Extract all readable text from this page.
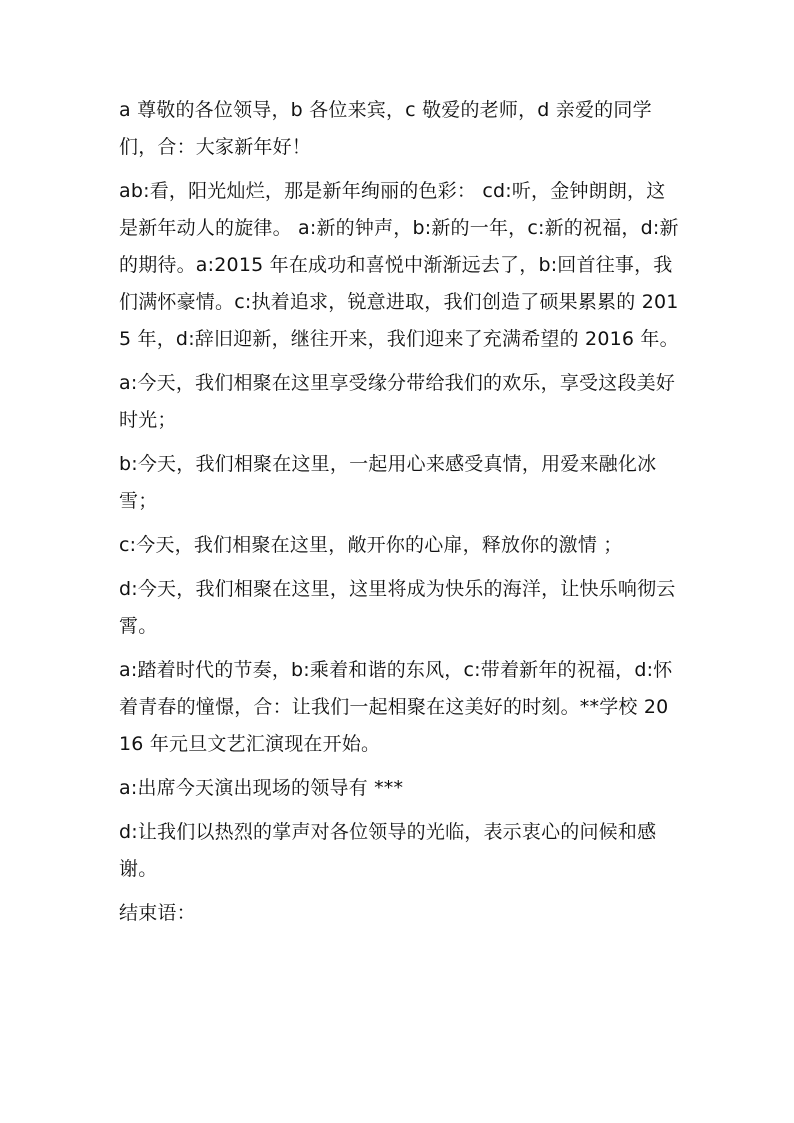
a 尊敬的各位领导，b 各位来宾，c 敬爱的老师，d 亲爱的同学们，合：大家新年好！

ab:看，阳光灿烂，那是新年绚丽的色彩： cd:听，金钟朗朗，这是新年动人的旋律。 a:新的钟声，b:新的一年，c:新的祝福，d:新的期待。a:2015 年在成功和喜悦中渐渐远去了，b:回首往事，我们满怀豪情。c:执着追求，锐意进取，我们创造了硕果累累的 2015 年，d:辞旧迎新，继往开来，我们迎来了充满希望的 2016 年。

a:今天，我们相聚在这里享受缘分带给我们的欢乐，享受这段美好时光；

b:今天，我们相聚在这里，一起用心来感受真情，用爱来融化冰雪；

c:今天，我们相聚在这里，敞开你的心扉，释放你的激情 ；

d:今天，我们相聚在这里，这里将成为快乐的海洋，让快乐响彻云霄。

a:踏着时代的节奏，b:乘着和谐的东风，c:带着新年的祝福，d:怀着青春的憧憬，合：让我们一起相聚在这美好的时刻。**学校 2016 年元旦文艺汇演现在开始。

a:出席今天演出现场的领导有 ***

d:让我们以热烈的掌声对各位领导的光临，表示衷心的问候和感谢。

结束语：
